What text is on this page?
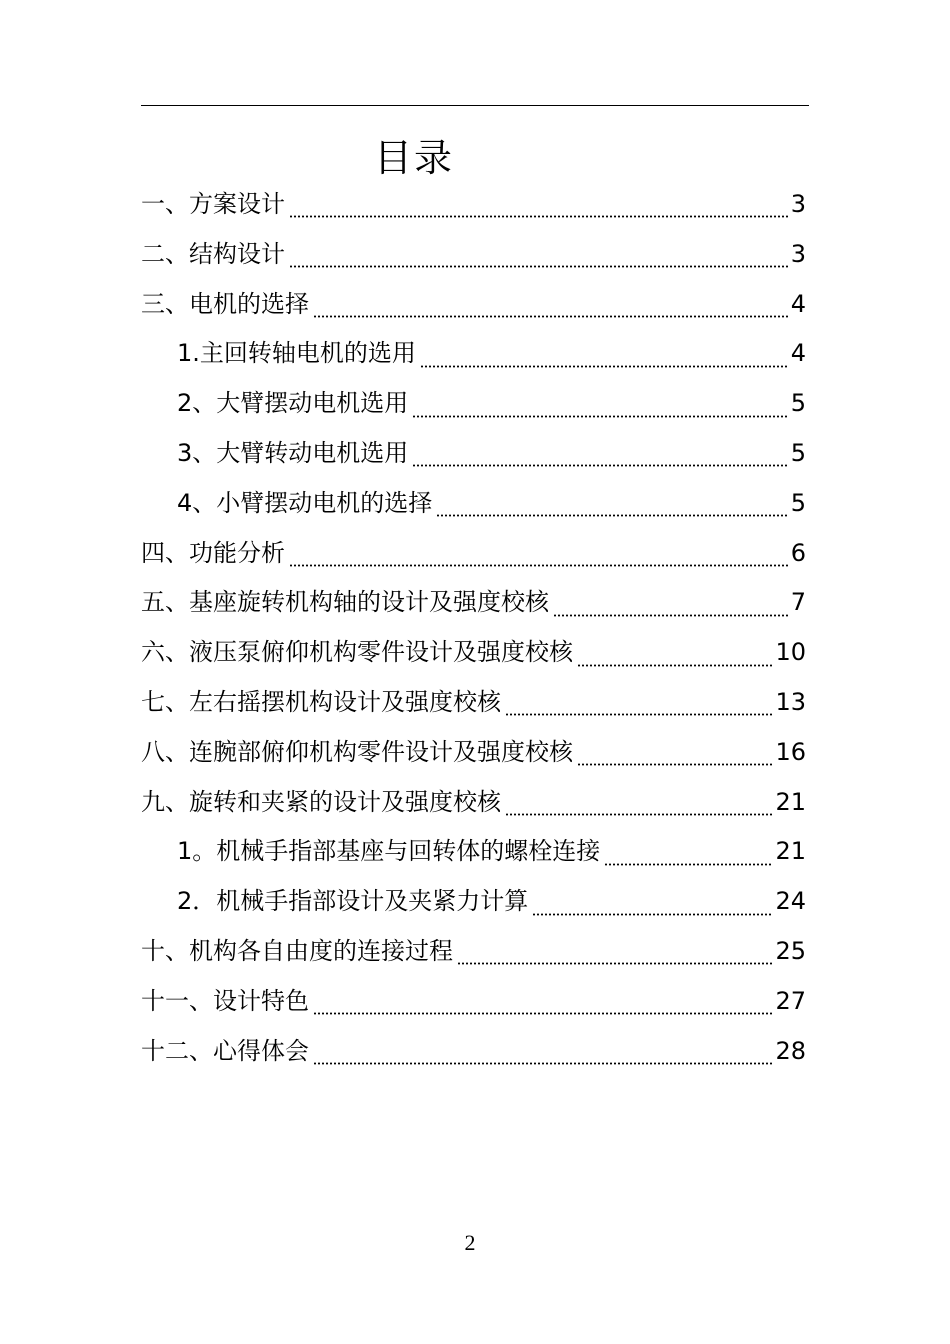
目录
一、方案设计	3
二、结构设计	3
三、电机的选择	4
1.主回转轴电机的选用	4
2、大臂摆动电机选用	5
3、大臂转动电机选用	5
4、小臂摆动电机的选择	5
四、功能分析	6
五、基座旋转机构轴的设计及强度校核	7
六、液压泵俯仰机构零件设计及强度校核	10
七、左右摇摆机构设计及强度校核	13
八、连腕部俯仰机构零件设计及强度校核	16
九、旋转和夹紧的设计及强度校核	21
1。机械手指部基座与回转体的螺栓连接	21
2．机械手指部设计及夹紧力计算	24
十、机构各自由度的连接过程	25
十一、设计特色	27
十二、心得体会	28
2
